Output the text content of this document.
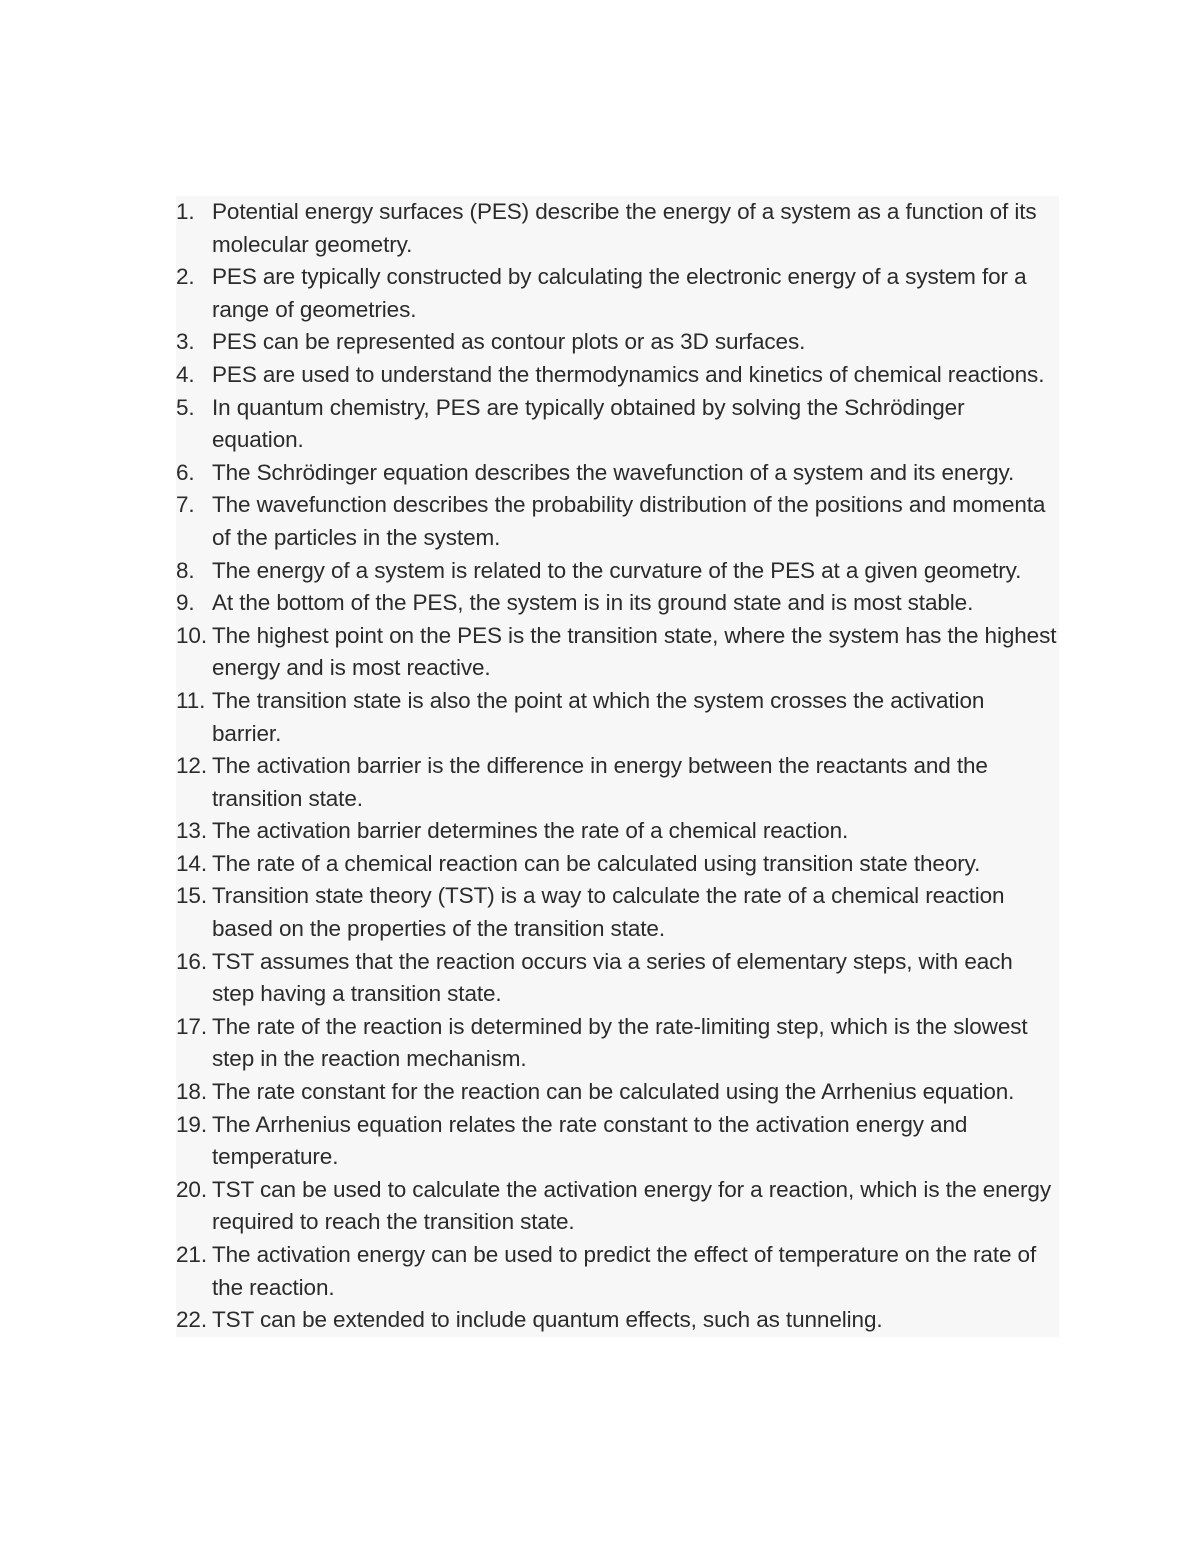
1. Potential energy surfaces (PES) describe the energy of a system as a function of its molecular geometry.
2. PES are typically constructed by calculating the electronic energy of a system for a range of geometries.
3. PES can be represented as contour plots or as 3D surfaces.
4. PES are used to understand the thermodynamics and kinetics of chemical reactions.
5. In quantum chemistry, PES are typically obtained by solving the Schrödinger equation.
6. The Schrödinger equation describes the wavefunction of a system and its energy.
7. The wavefunction describes the probability distribution of the positions and momenta of the particles in the system.
8. The energy of a system is related to the curvature of the PES at a given geometry.
9. At the bottom of the PES, the system is in its ground state and is most stable.
10. The highest point on the PES is the transition state, where the system has the highest energy and is most reactive.
11. The transition state is also the point at which the system crosses the activation barrier.
12. The activation barrier is the difference in energy between the reactants and the transition state.
13. The activation barrier determines the rate of a chemical reaction.
14. The rate of a chemical reaction can be calculated using transition state theory.
15. Transition state theory (TST) is a way to calculate the rate of a chemical reaction based on the properties of the transition state.
16. TST assumes that the reaction occurs via a series of elementary steps, with each step having a transition state.
17. The rate of the reaction is determined by the rate-limiting step, which is the slowest step in the reaction mechanism.
18. The rate constant for the reaction can be calculated using the Arrhenius equation.
19. The Arrhenius equation relates the rate constant to the activation energy and temperature.
20. TST can be used to calculate the activation energy for a reaction, which is the energy required to reach the transition state.
21. The activation energy can be used to predict the effect of temperature on the rate of the reaction.
22. TST can be extended to include quantum effects, such as tunneling.
